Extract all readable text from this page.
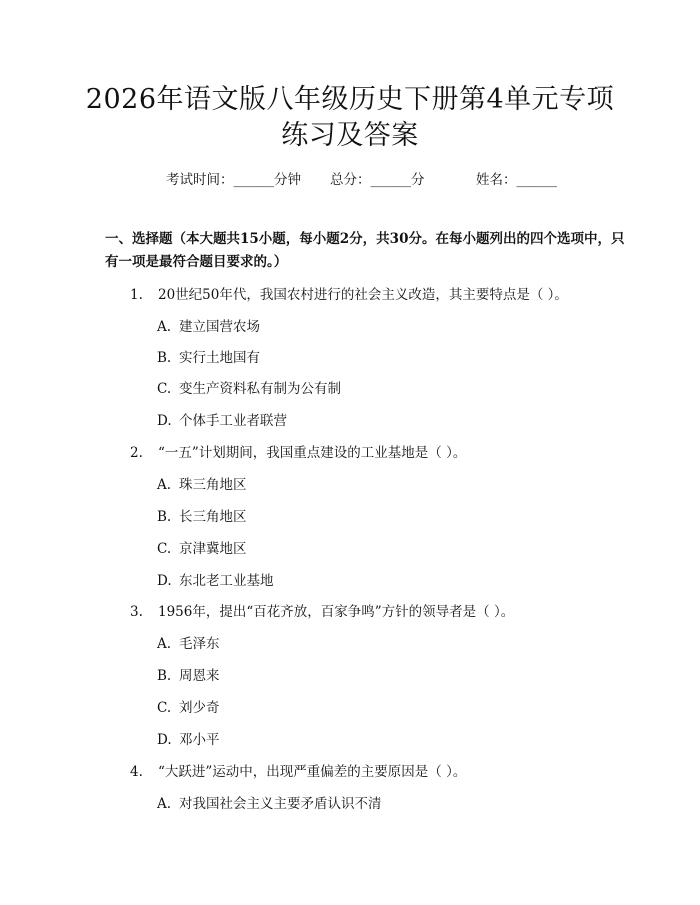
2026年语文版八年级历史下册第4单元专项
练习及答案
考试时间：______分钟 总分：______分	姓名：______

一、选择题（本大题共15小题，每小题2分，共30分。在每小题列出的四个选项中，只有一项是最符合题目要求的。）

1. 20世纪50年代，我国农村进行的社会主义改造，其主要特点是（ ）。
A. 建立国营农场
B. 实行土地国有
C. 变生产资料私有制为公有制
D. 个体手工业者联营
2. “一五”计划期间，我国重点建设的工业基地是（ ）。
A. 珠三角地区
B. 长三角地区
C. 京津冀地区
D. 东北老工业基地
3. 1956年，提出“百花齐放，百家争鸣”方针的领导者是（ ）。
A. 毛泽东
B. 周恩来
C. 刘少奇
D. 邓小平
4. “大跃进”运动中，出现严重偏差的主要原因是（ ）。
A. 对我国社会主义主要矛盾认识不清
